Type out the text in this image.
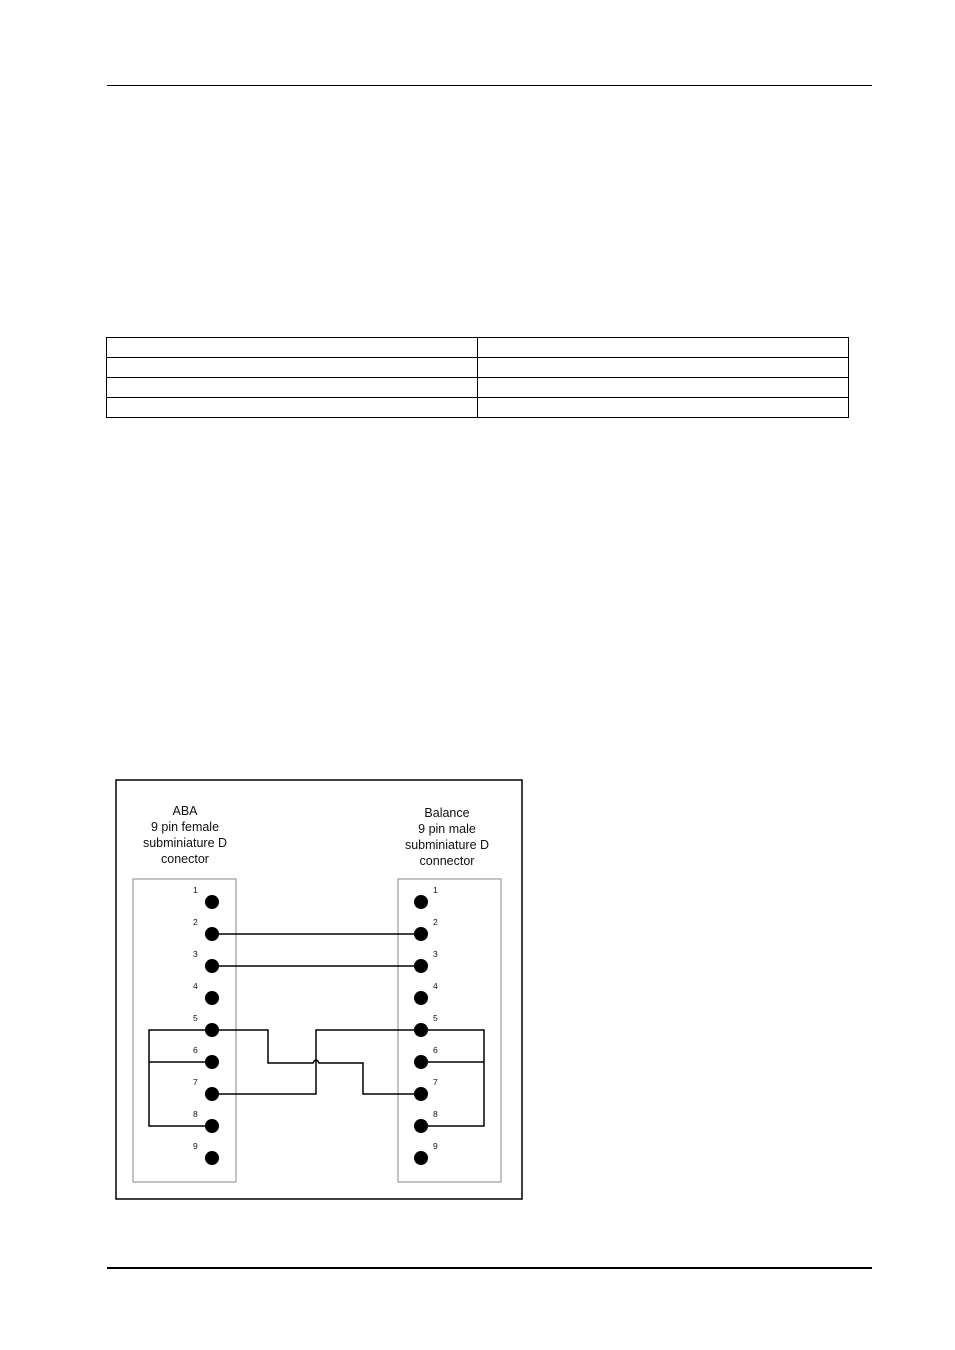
ABA
9 pin female
subminiature D
conector
Balance
9 pin male
subminiature D
connector
1	1
2	2
3	3
4	4
5	5
6	6
7	7
8	8
9	9
